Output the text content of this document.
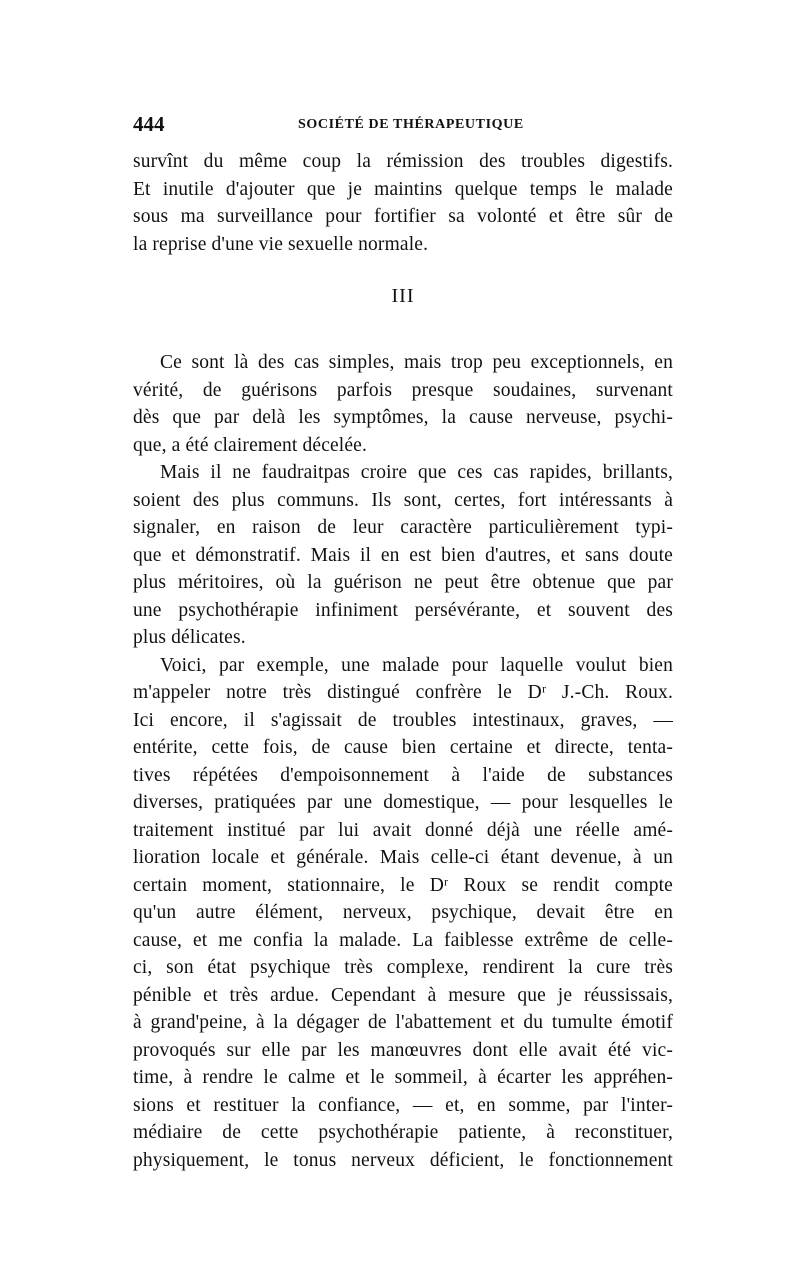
444	SOCIÉTÉ DE THÉRAPEUTIQUE
survînt du même coup la rémission des troubles digestifs.
Et inutile d'ajouter que je maintins quelque temps le malade
sous ma surveillance pour fortifier sa volonté et être sûr de
la reprise d'une vie sexuelle normale.
III
Ce sont là des cas simples, mais trop peu exceptionnels, en
vérité, de guérisons parfois presque soudaines, survenant
dès que par delà les symptômes, la cause nerveuse, psychi-
que, a été clairement décelée.
Mais il ne faudraitpas croire que ces cas rapides, brillants,
soient des plus communs. Ils sont, certes, fort intéressants à
signaler, en raison de leur caractère particulièrement typi-
que et démonstratif. Mais il en est bien d'autres, et sans doute
plus méritoires, où la guérison ne peut être obtenue que par
une psychothérapie infiniment persévérante, et souvent des
plus délicates.
Voici, par exemple, une malade pour laquelle voulut bien
m'appeler notre très distingué confrère le Dʳ J.-Ch. Roux.
Ici encore, il s'agissait de troubles intestinaux, graves, —
entérite, cette fois, de cause bien certaine et directe, tenta-
tives répétées d'empoisonnement à l'aide de substances
diverses, pratiquées par une domestique, — pour lesquelles le
traitement institué par lui avait donné déjà une réelle amé-
lioration locale et générale. Mais celle-ci étant devenue, à un
certain moment, stationnaire, le Dʳ Roux se rendit compte
qu'un autre élément, nerveux, psychique, devait être en
cause, et me confia la malade. La faiblesse extrême de celle-
ci, son état psychique très complexe, rendirent la cure très
pénible et très ardue. Cependant à mesure que je réussissais,
à grand'peine, à la dégager de l'abattement et du tumulte émotif
provoqués sur elle par les manœuvres dont elle avait été vic-
time, à rendre le calme et le sommeil, à écarter les appréhen-
sions et restituer la confiance, — et, en somme, par l'inter-
médiaire de cette psychothérapie patiente, à reconstituer,
physiquement, le tonus nerveux déficient, le fonctionnement
